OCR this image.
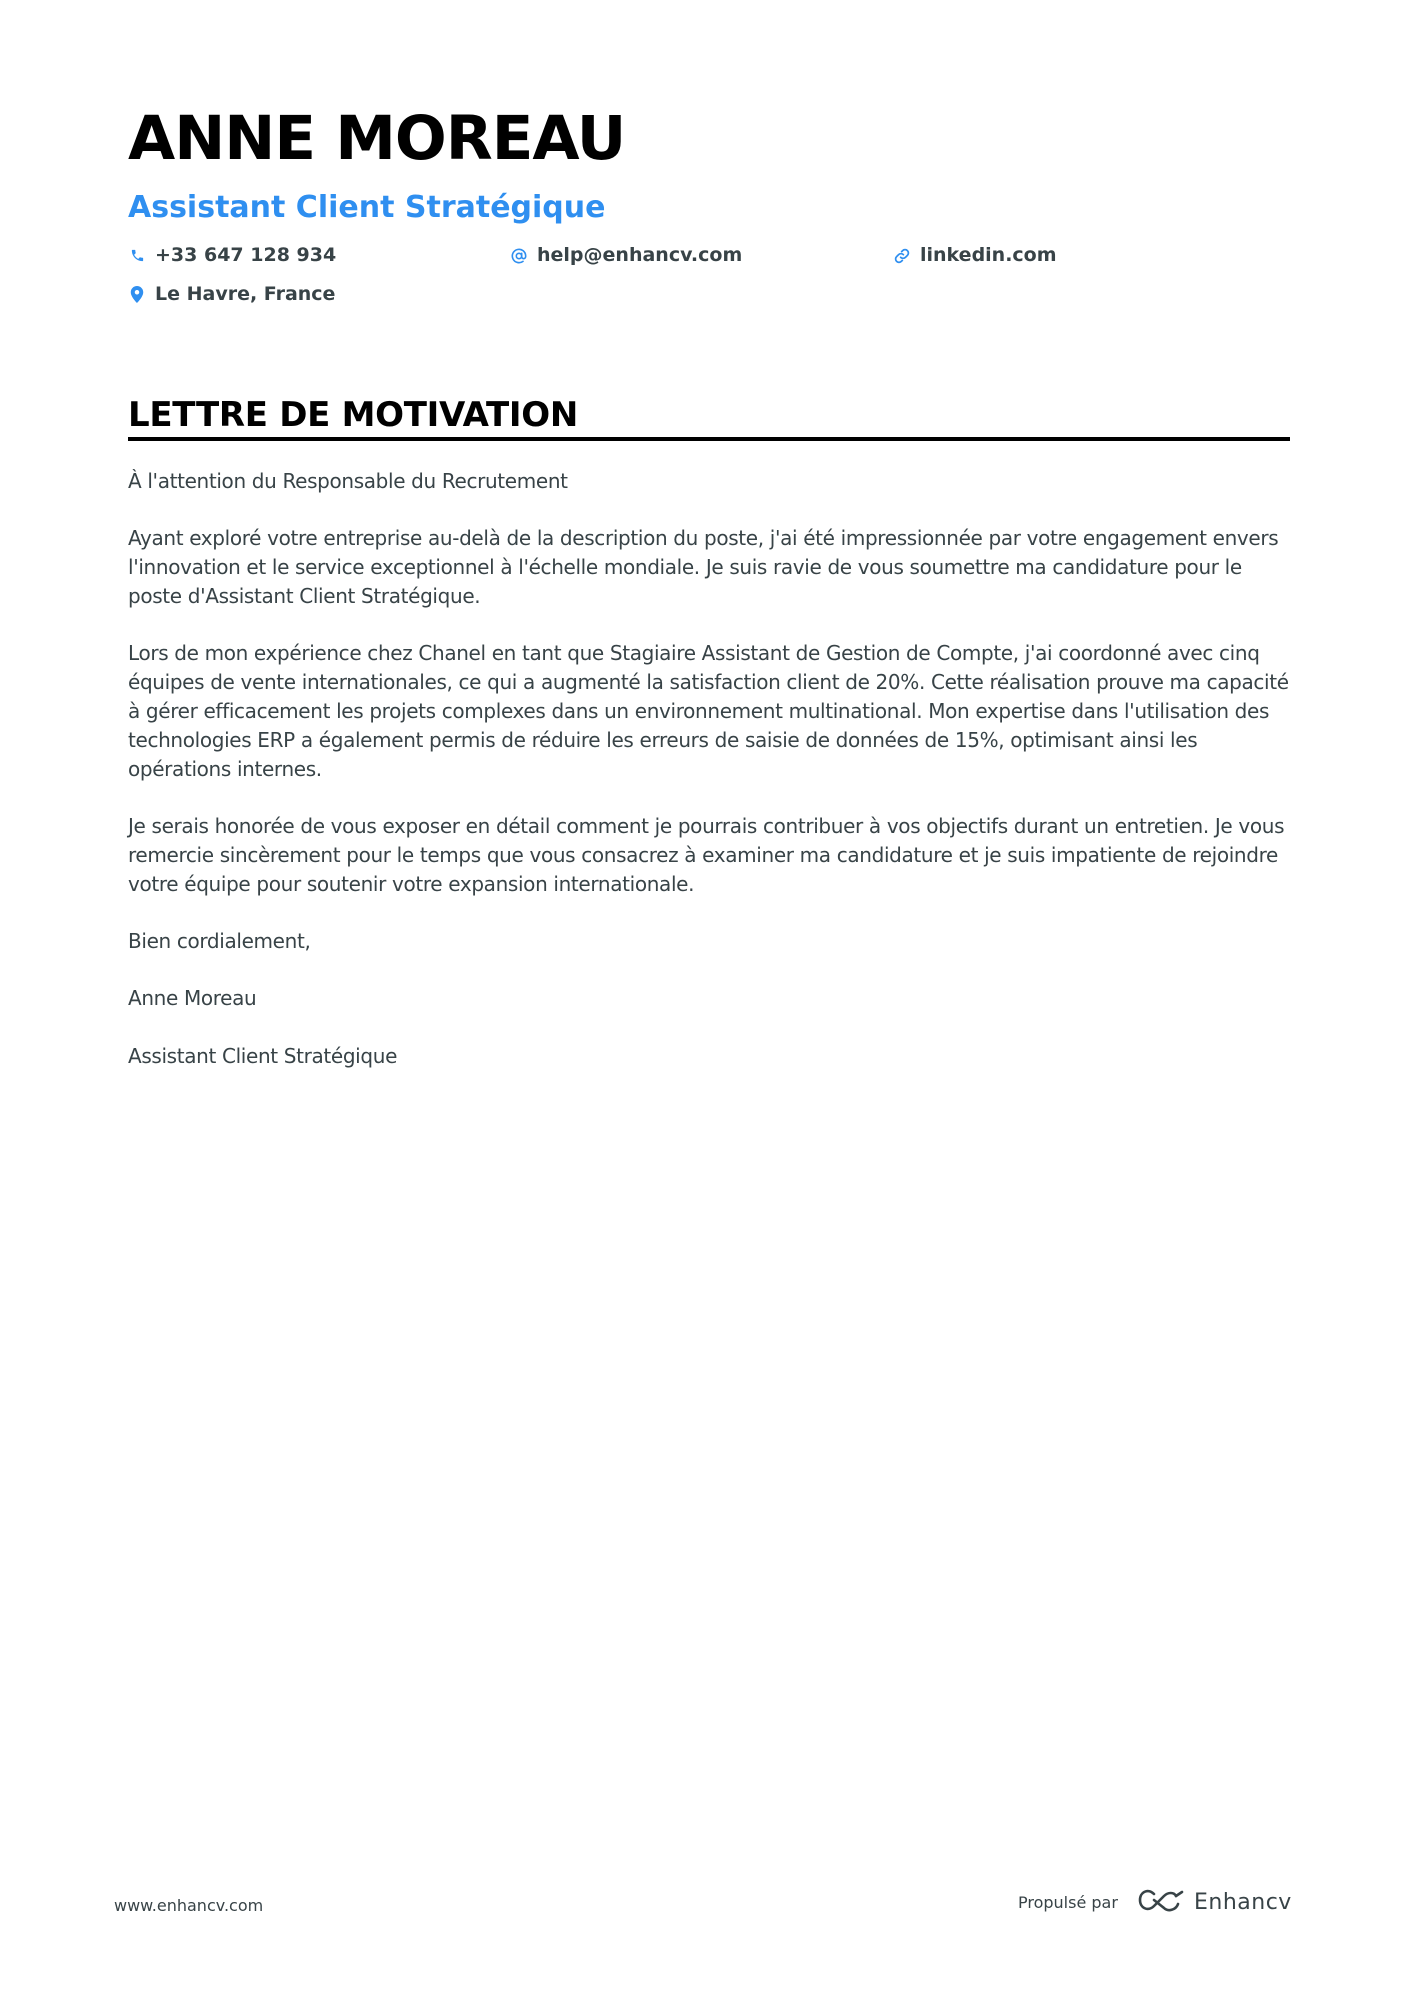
ANNE MOREAU
Assistant Client Stratégique
+33 647 128 934	help@enhancv.com	linkedin.com
Le Havre, France
LETTRE DE MOTIVATION

À l'attention du Responsable du Recrutement

Ayant exploré votre entreprise au-delà de la description du poste, j'ai été impressionnée par votre engagement envers l'innovation et le service exceptionnel à l'échelle mondiale. Je suis ravie de vous soumettre ma candidature pour le poste d'Assistant Client Stratégique.

Lors de mon expérience chez Chanel en tant que Stagiaire Assistant de Gestion de Compte, j'ai coordonné avec cinq équipes de vente internationales, ce qui a augmenté la satisfaction client de 20%. Cette réalisation prouve ma capacité à gérer efficacement les projets complexes dans un environnement multinational. Mon expertise dans l'utilisation des technologies ERP a également permis de réduire les erreurs de saisie de données de 15%, optimisant ainsi les opérations internes.

Je serais honorée de vous exposer en détail comment je pourrais contribuer à vos objectifs durant un entretien. Je vous remercie sincèrement pour le temps que vous consacrez à examiner ma candidature et je suis impatiente de rejoindre votre équipe pour soutenir votre expansion internationale.

Bien cordialement,

Anne Moreau

Assistant Client Stratégique

www.enhancv.com	Propulsé par	Enhancv
